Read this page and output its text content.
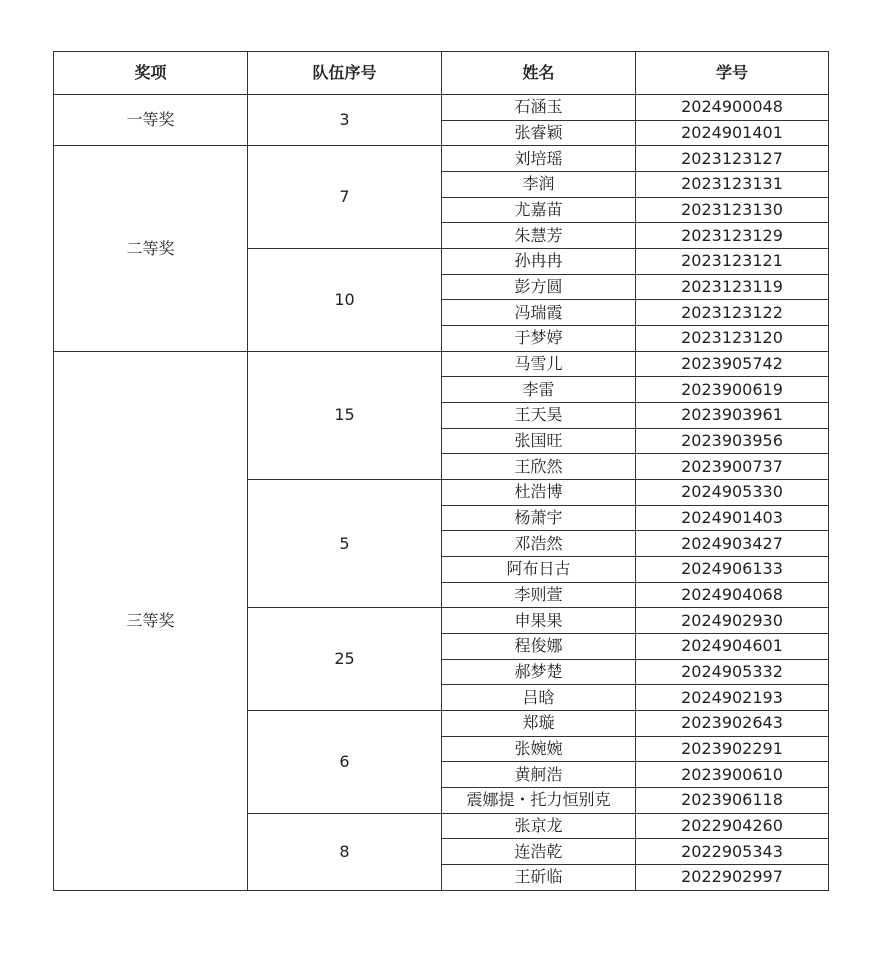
奖项	队伍序号	姓名	学号
一等奖	3	石涵玉	2024900048
		张睿颖	2024901401
二等奖	7	刘培瑶	2023123127
		李润	2023123131
		尤嘉苗	2023123130
		朱慧芳	2023123129
	10	孙冉冉	2023123121
		彭方圆	2023123119
		冯瑞霞	2023123122
		于梦婷	2023123120
三等奖	15	马雪儿	2023905742
		李雷	2023900619
		王天昊	2023903961
		张国旺	2023903956
		王欣然	2023900737
	5	杜浩博	2024905330
		杨萧宇	2024901403
		邓浩然	2024903427
		阿布日古	2024906133
		李则萱	2024904068
	25	申果果	2024902930
		程俊娜	2024904601
		郝梦楚	2024905332
		吕晗	2024902193
	6	郑璇	2023902643
		张婉婉	2023902291
		黄舸浩	2023900610
		震娜提・托力恒别克	2023906118
	8	张京龙	2022904260
		连浩乾	2022905343
		王斫临	2022902997
